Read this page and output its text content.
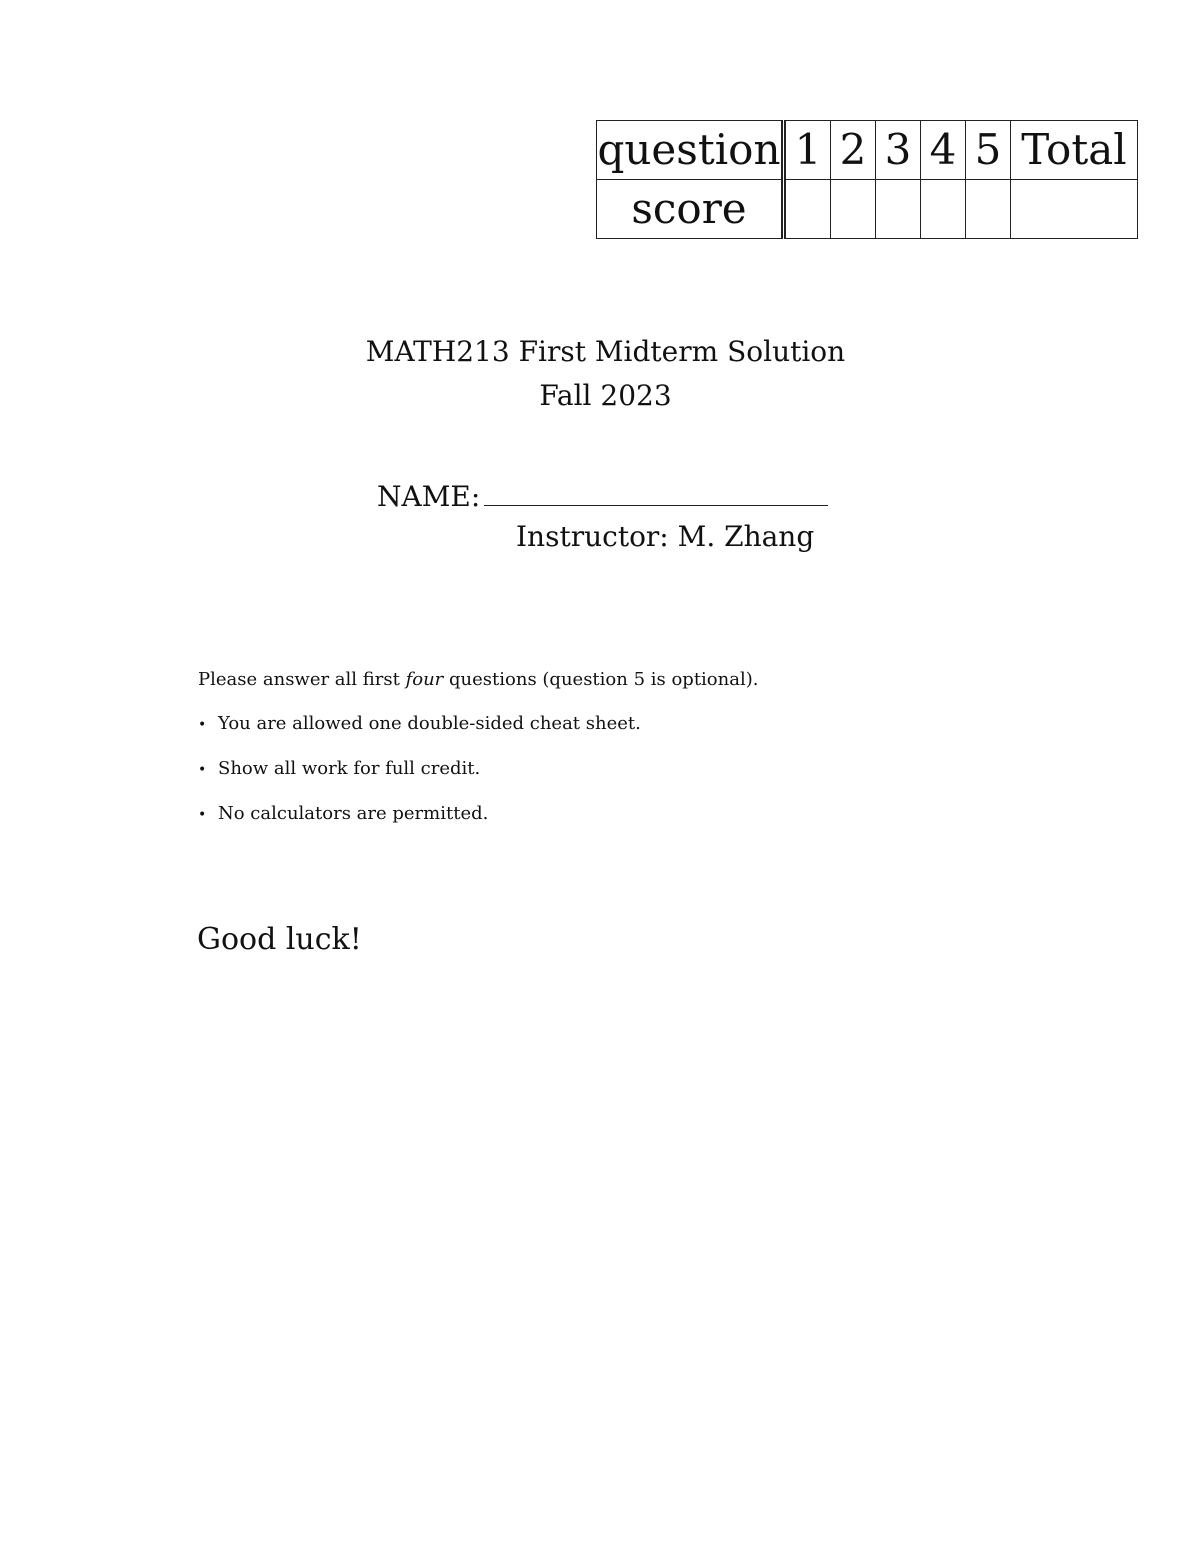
question	1	2	3	4	5	Total
score						
MATH213 First Midterm Solution
Fall 2023
NAME:
Instructor: M. Zhang
Please answer all first four questions (question 5 is optional).
• You are allowed one double-sided cheat sheet.
• Show all work for full credit.
• No calculators are permitted.
Good luck!
